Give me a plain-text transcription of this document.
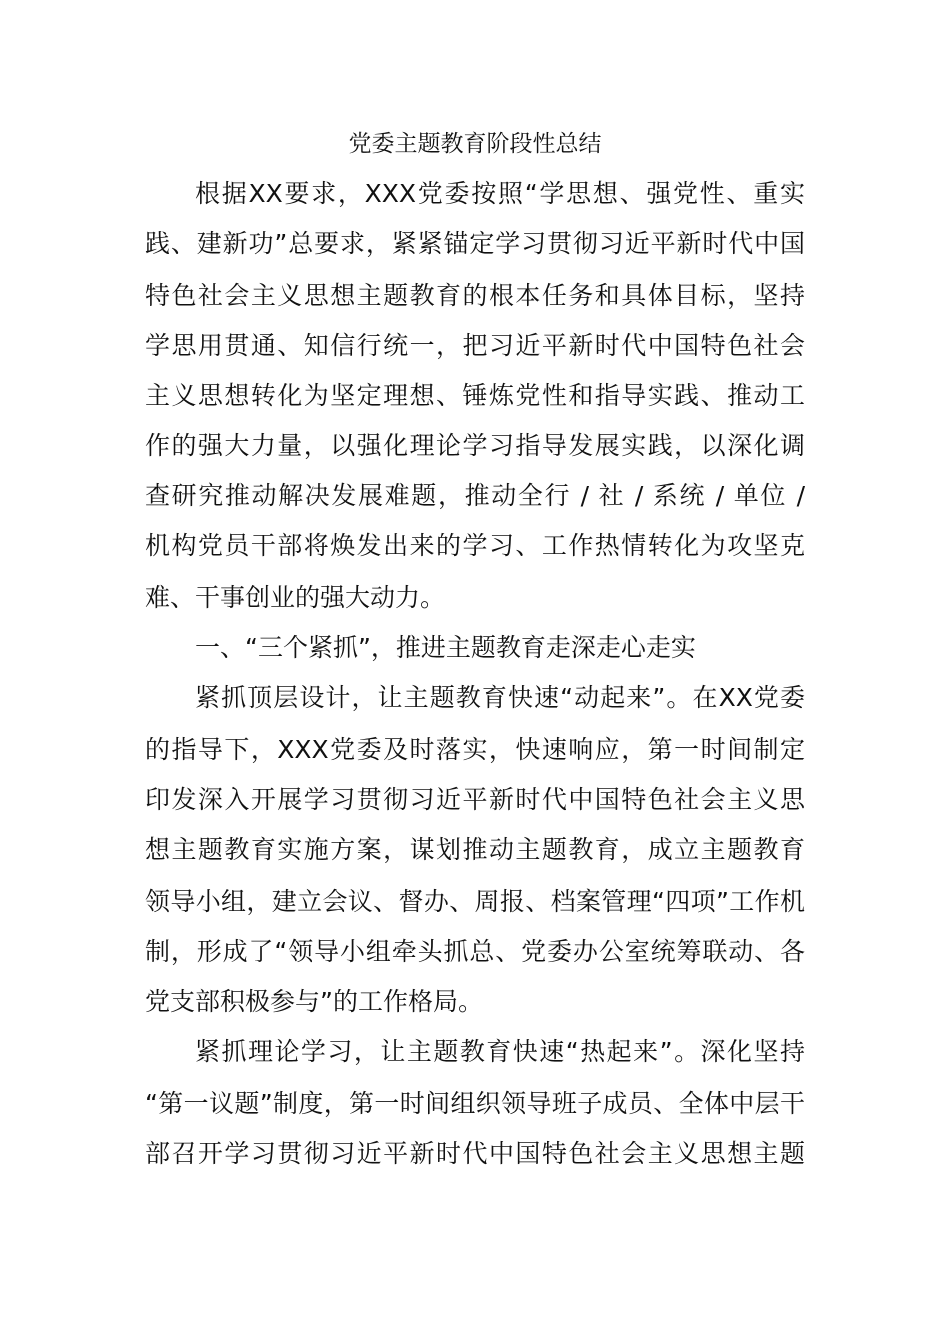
党委主题教育阶段性总结
根据XX要求，XXX党委按照“学思想、强党性、重实
践、建新功”总要求，紧紧锚定学习贯彻习近平新时代中国
特色社会主义思想主题教育的根本任务和具体目标，坚持
学思用贯通、知信行统一，把习近平新时代中国特色社会
主义思想转化为坚定理想、锤炼党性和指导实践、推动工
作的强大力量，以强化理论学习指导发展实践，以深化调
查研究推动解决发展难题，推动全行 / 社 / 系统 / 单位 /
机构党员干部将焕发出来的学习、工作热情转化为攻坚克
难、干事创业的强大动力。
一、“三个紧抓”，推进主题教育走深走心走实
紧抓顶层设计，让主题教育快速“动起来”。在XX党委
的指导下，XXX党委及时落实，快速响应，第一时间制定
印发深入开展学习贯彻习近平新时代中国特色社会主义思
想主题教育实施方案，谋划推动主题教育，成立主题教育
领导小组，建立会议、督办、周报、档案管理“四项”工作机
制，形成了“领导小组牵头抓总、党委办公室统筹联动、各
党支部积极参与”的工作格局。
紧抓理论学习，让主题教育快速“热起来”。深化坚持
“第一议题”制度，第一时间组织领导班子成员、全体中层干
部召开学习贯彻习近平新时代中国特色社会主义思想主题
